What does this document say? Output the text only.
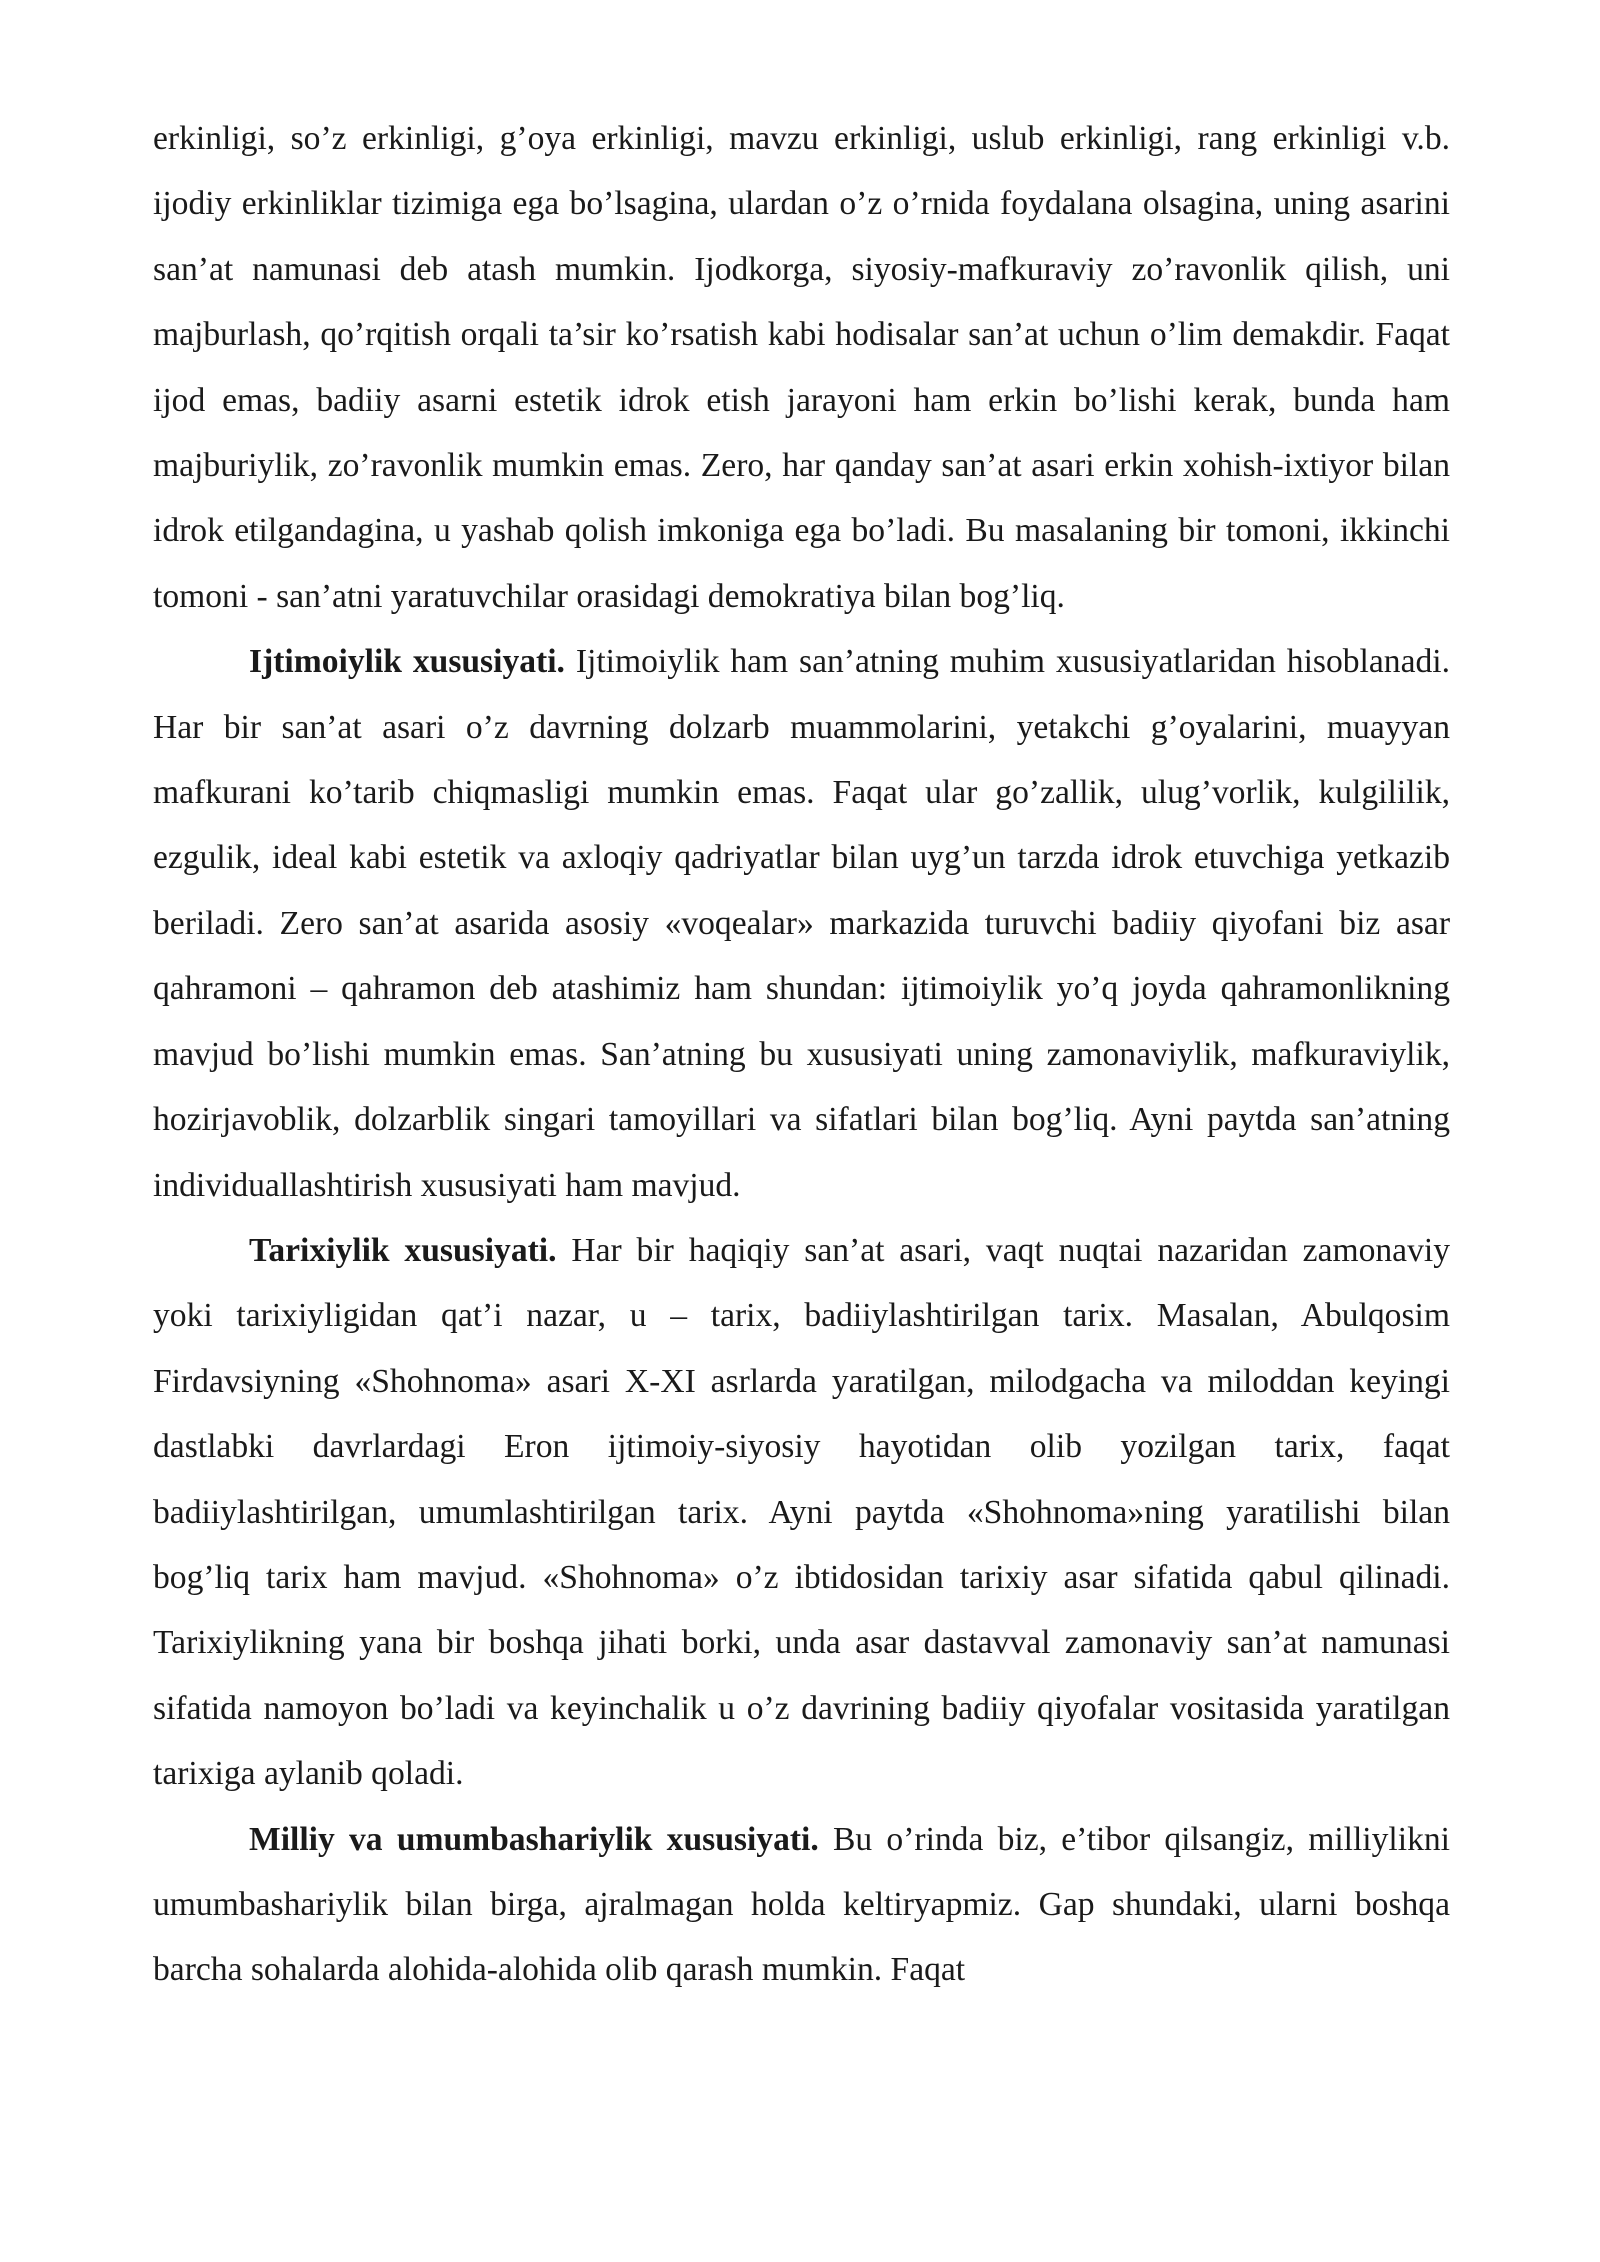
erkinligi, so’z erkinligi, g’oya erkinligi, mavzu erkinligi, uslub erkinligi, rang erkinligi v.b. ijodiy erkinliklar tizimiga ega bo’lsagina, ulardan o’z o’rnida foydalana olsagina, uning asarini san’at namunasi deb atash mumkin. Ijodkorga, siyosiy-mafkuraviy zo’ravonlik qilish, uni majburlash, qo’rqitish orqali ta’sir ko’rsatish kabi hodisalar san’at uchun o’lim demakdir. Faqat ijod emas, badiiy asarni estetik idrok etish jarayoni ham erkin bo’lishi kerak, bunda ham majburiylik, zo’ravonlik mumkin emas. Zero, har qanday san’at asari erkin xohish-ixtiyor bilan idrok etilgandagina, u yashab qolish imkoniga ega bo’ladi. Bu masalaning bir tomoni, ikkinchi tomoni - san’atni yaratuvchilar orasidagi demokratiya bilan bog’liq.

Ijtimoiylik xususiyati. Ijtimoiylik ham san’atning muhim xususiyatlaridan hisoblanadi. Har bir san’at asari o’z davrning dolzarb muammolarini, yetakchi g’oyalarini, muayyan mafkurani ko’tarib chiqmasligi mumkin emas. Faqat ular go’zallik, ulug’vorlik, kulgililik, ezgulik, ideal kabi estetik va axloqiy qadriyatlar bilan uyg’un tarzda idrok etuvchiga yetkazib beriladi. Zero san’at asarida asosiy «voqealar» markazida turuvchi badiiy qiyofani biz asar qahramoni – qahramon deb atashimiz ham shundan: ijtimoiylik yo’q joyda qahramonlikning mavjud bo’lishi mumkin emas. San’atning bu xususiyati uning zamonaviylik, mafkuraviylik, hozirjavoblik, dolzarblik singari tamoyillari va sifatlari bilan bog’liq. Ayni paytda san’atning individuallashtirish xususiyati ham mavjud.

Tarixiylik xususiyati. Har bir haqiqiy san’at asari, vaqt nuqtai nazaridan zamonaviy yoki tarixiyligidan qat’i nazar, u – tarix, badiiylashtirilgan tarix. Masalan, Abulqosim Firdavsiyning «Shohnoma» asari X-XI asrlarda yaratilgan, milodgacha va miloddan keyingi dastlabki davrlardagi Eron ijtimoiy-siyosiy hayotidan olib yozilgan tarix, faqat badiiylashtirilgan, umumlashtirilgan tarix. Ayni paytda «Shohnoma»ning yaratilishi bilan bog’liq tarix ham mavjud. «Shohnoma» o’z ibtidosidan tarixiy asar sifatida qabul qilinadi. Tarixiylikning yana bir boshqa jihati borki, unda asar dastavval zamonaviy san’at namunasi sifatida namoyon bo’ladi va keyinchalik u o’z davrining badiiy qiyofalar vositasida yaratilgan tarixiga aylanib qoladi.

Milliy va umumbashariylik xususiyati. Bu o’rinda biz, e’tibor qilsangiz, milliylikni umumbashariylik bilan birga, ajralmagan holda keltiryapmiz. Gap shundaki, ularni boshqa barcha sohalarda alohida-alohida olib qarash mumkin. Faqat
